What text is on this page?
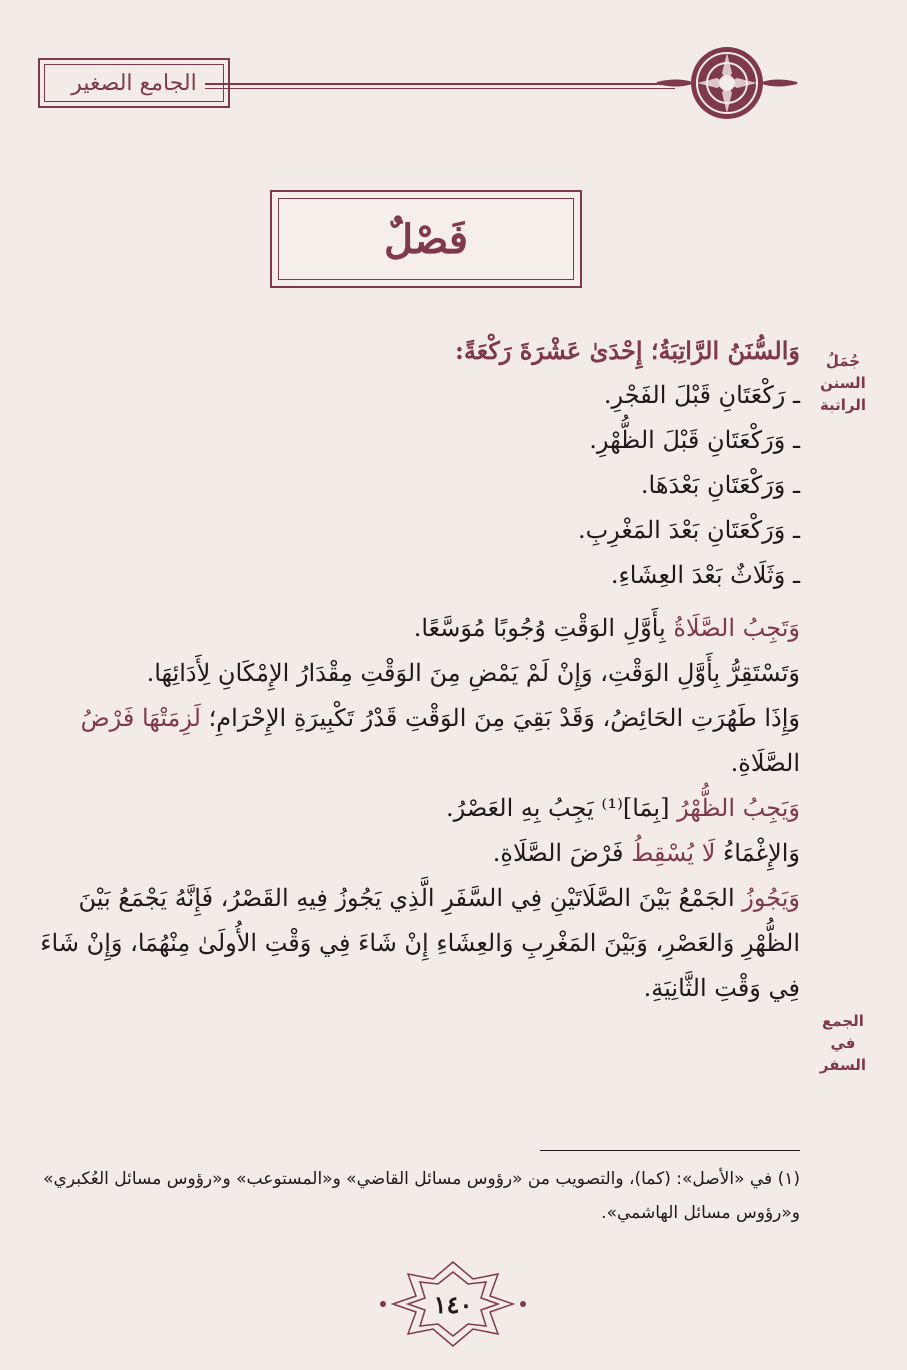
الجامع الصغير
فَصْلٌ
جُمَلُ السنن الراتبة
الجمع في السفر

وَالسُّنَنُ الرَّاتِبَةُ؛ إِحْدَىٰ عَشْرَةَ رَكْعَةً:

ـ رَكْعَتَانِ قَبْلَ الفَجْرِ.

ـ وَرَكْعَتَانِ قَبْلَ الظُّهْرِ.

ـ وَرَكْعَتَانِ بَعْدَهَا.

ـ وَرَكْعَتَانِ بَعْدَ المَغْرِبِ.

ـ وَثَلَاثٌ بَعْدَ العِشَاءِ.

وَتَجِبُ الصَّلَاةُ بِأَوَّلِ الوَقْتِ وُجُوبًا مُوَسَّعًا.

وَتَسْتَقِرُّ بِأَوَّلِ الوَقْتِ، وَإِنْ لَمْ يَمْضِ مِنَ الوَقْتِ مِقْدَارُ الإِمْكَانِ لِأَدَائِهَا.

وَإِذَا طَهُرَتِ الحَائِضُ، وَقَدْ بَقِيَ مِنَ الوَقْتِ قَدْرُ تَكْبِيرَةِ الإِحْرَامِ؛ لَزِمَتْهَا فَرْضُ الصَّلَاةِ.

وَيَجِبُ الظُّهْرُ [بِمَا]⁽¹⁾ يَجِبُ بِهِ العَصْرُ.

وَالإِغْمَاءُ لَا يُسْقِطُ فَرْضَ الصَّلَاةِ.

وَيَجُوزُ الجَمْعُ بَيْنَ الصَّلَاتَيْنِ فِي السَّفَرِ الَّذِي يَجُوزُ فِيهِ القَصْرُ، فَإِنَّهُ يَجْمَعُ بَيْنَ الظُّهْرِ وَالعَصْرِ، وَبَيْنَ المَغْرِبِ وَالعِشَاءِ إِنْ شَاءَ فِي وَقْتِ الأُولَىٰ مِنْهُمَا، وَإِنْ شَاءَ فِي وَقْتِ الثَّانِيَةِ.

(١) في «الأصل»: (كما)، والتصويب من «رؤوس مسائل القاضي» و«المستوعب» و«رؤوس مسائل العُكبري» و«رؤوس مسائل الهاشمي».
١٤٠
